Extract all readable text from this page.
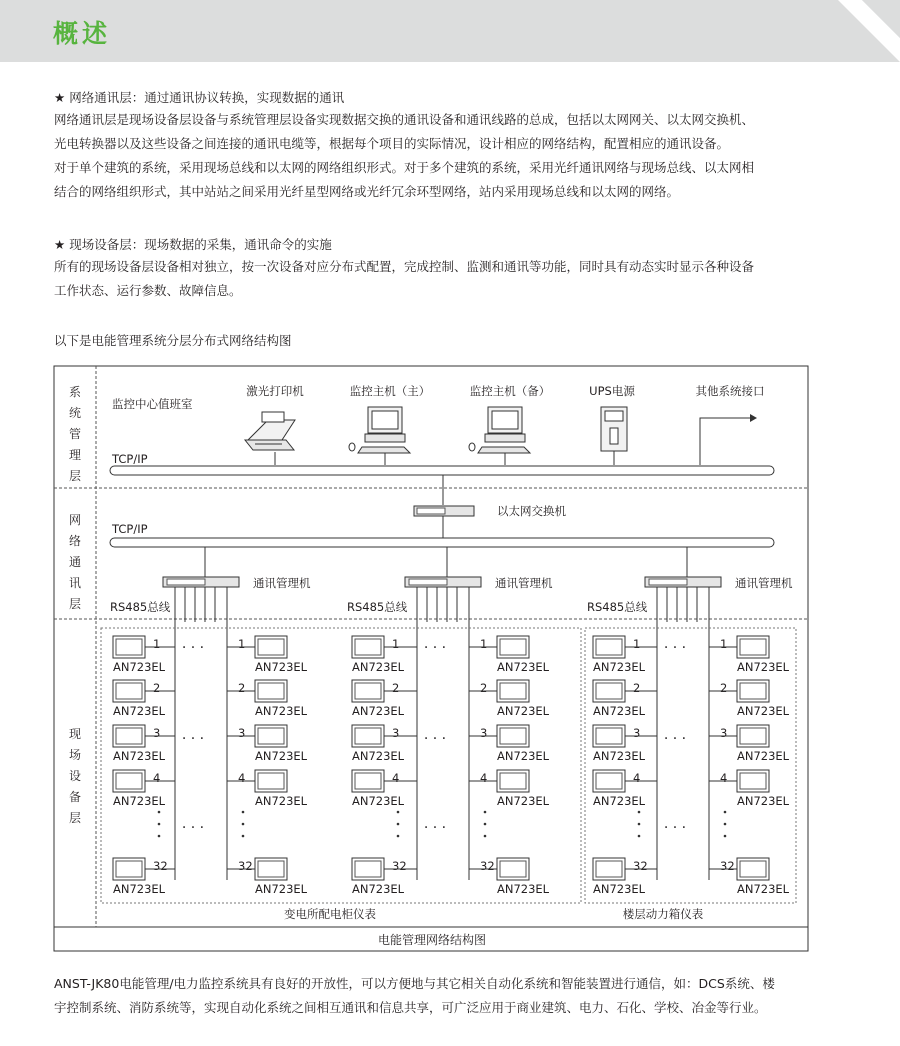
概述
★ 网络通讯层：通过通讯协议转换，实现数据的通讯
网络通讯层是现场设备层设备与系统管理层设备实现数据交换的通讯设备和通讯线路的总成，包括以太网网关、以太网交换机、
光电转换器以及这些设备之间连接的通讯电缆等，根据每个项目的实际情况，设计相应的网络结构，配置相应的通讯设备。
对于单个建筑的系统，采用现场总线和以太网的网络组织形式。对于多个建筑的系统，采用光纤通讯网络与现场总线、以太网相
结合的网络组织形式，其中站站之间采用光纤星型网络或光纤冗余环型网络，站内采用现场总线和以太网的网络。
★ 现场设备层：现场数据的采集，通讯命令的实施
所有的现场设备层设备相对独立，按一次设备对应分布式配置，完成控制、监测和通讯等功能，同时具有动态实时显示各种设备
工作状态、运行参数、故障信息。
以下是电能管理系统分层分布式网络结构图
系统管理层
网络通讯层
现场设备层
监控中心值班室
激光打印机	监控主机（主）	监控主机（备）	UPS电源	其他系统接口
TCP/IP
以太网交换机
TCP/IP
通讯管理机
RS485总线
· · ·
· · ·
· · ·
AN723EL
1
AN723EL
1
AN723EL
2
AN723EL
2
AN723EL
3
AN723EL
3
AN723EL
4
AN723EL
4
AN723EL
32
AN723EL
32
通讯管理机
RS485总线
· · ·
· · ·
· · ·
AN723EL
1
AN723EL
1
AN723EL
2
AN723EL
2
AN723EL
3
AN723EL
3
AN723EL
4
AN723EL
4
AN723EL
32
AN723EL
32
通讯管理机
RS485总线
· · ·
· · ·
· · ·
AN723EL
1
AN723EL
1
AN723EL
2
AN723EL
2
AN723EL
3
AN723EL
3
AN723EL
4
AN723EL
4
AN723EL
32
AN723EL
32
变电所配电柜仪表	楼层动力箱仪表
电能管理网络结构图
ANST-JK80电能管理/电力监控系统具有良好的开放性，可以方便地与其它相关自动化系统和智能装置进行通信，如：DCS系统、楼
宇控制系统、消防系统等，实现自动化系统之间相互通讯和信息共享，可广泛应用于商业建筑、电力、石化、学校、冶金等行业。
